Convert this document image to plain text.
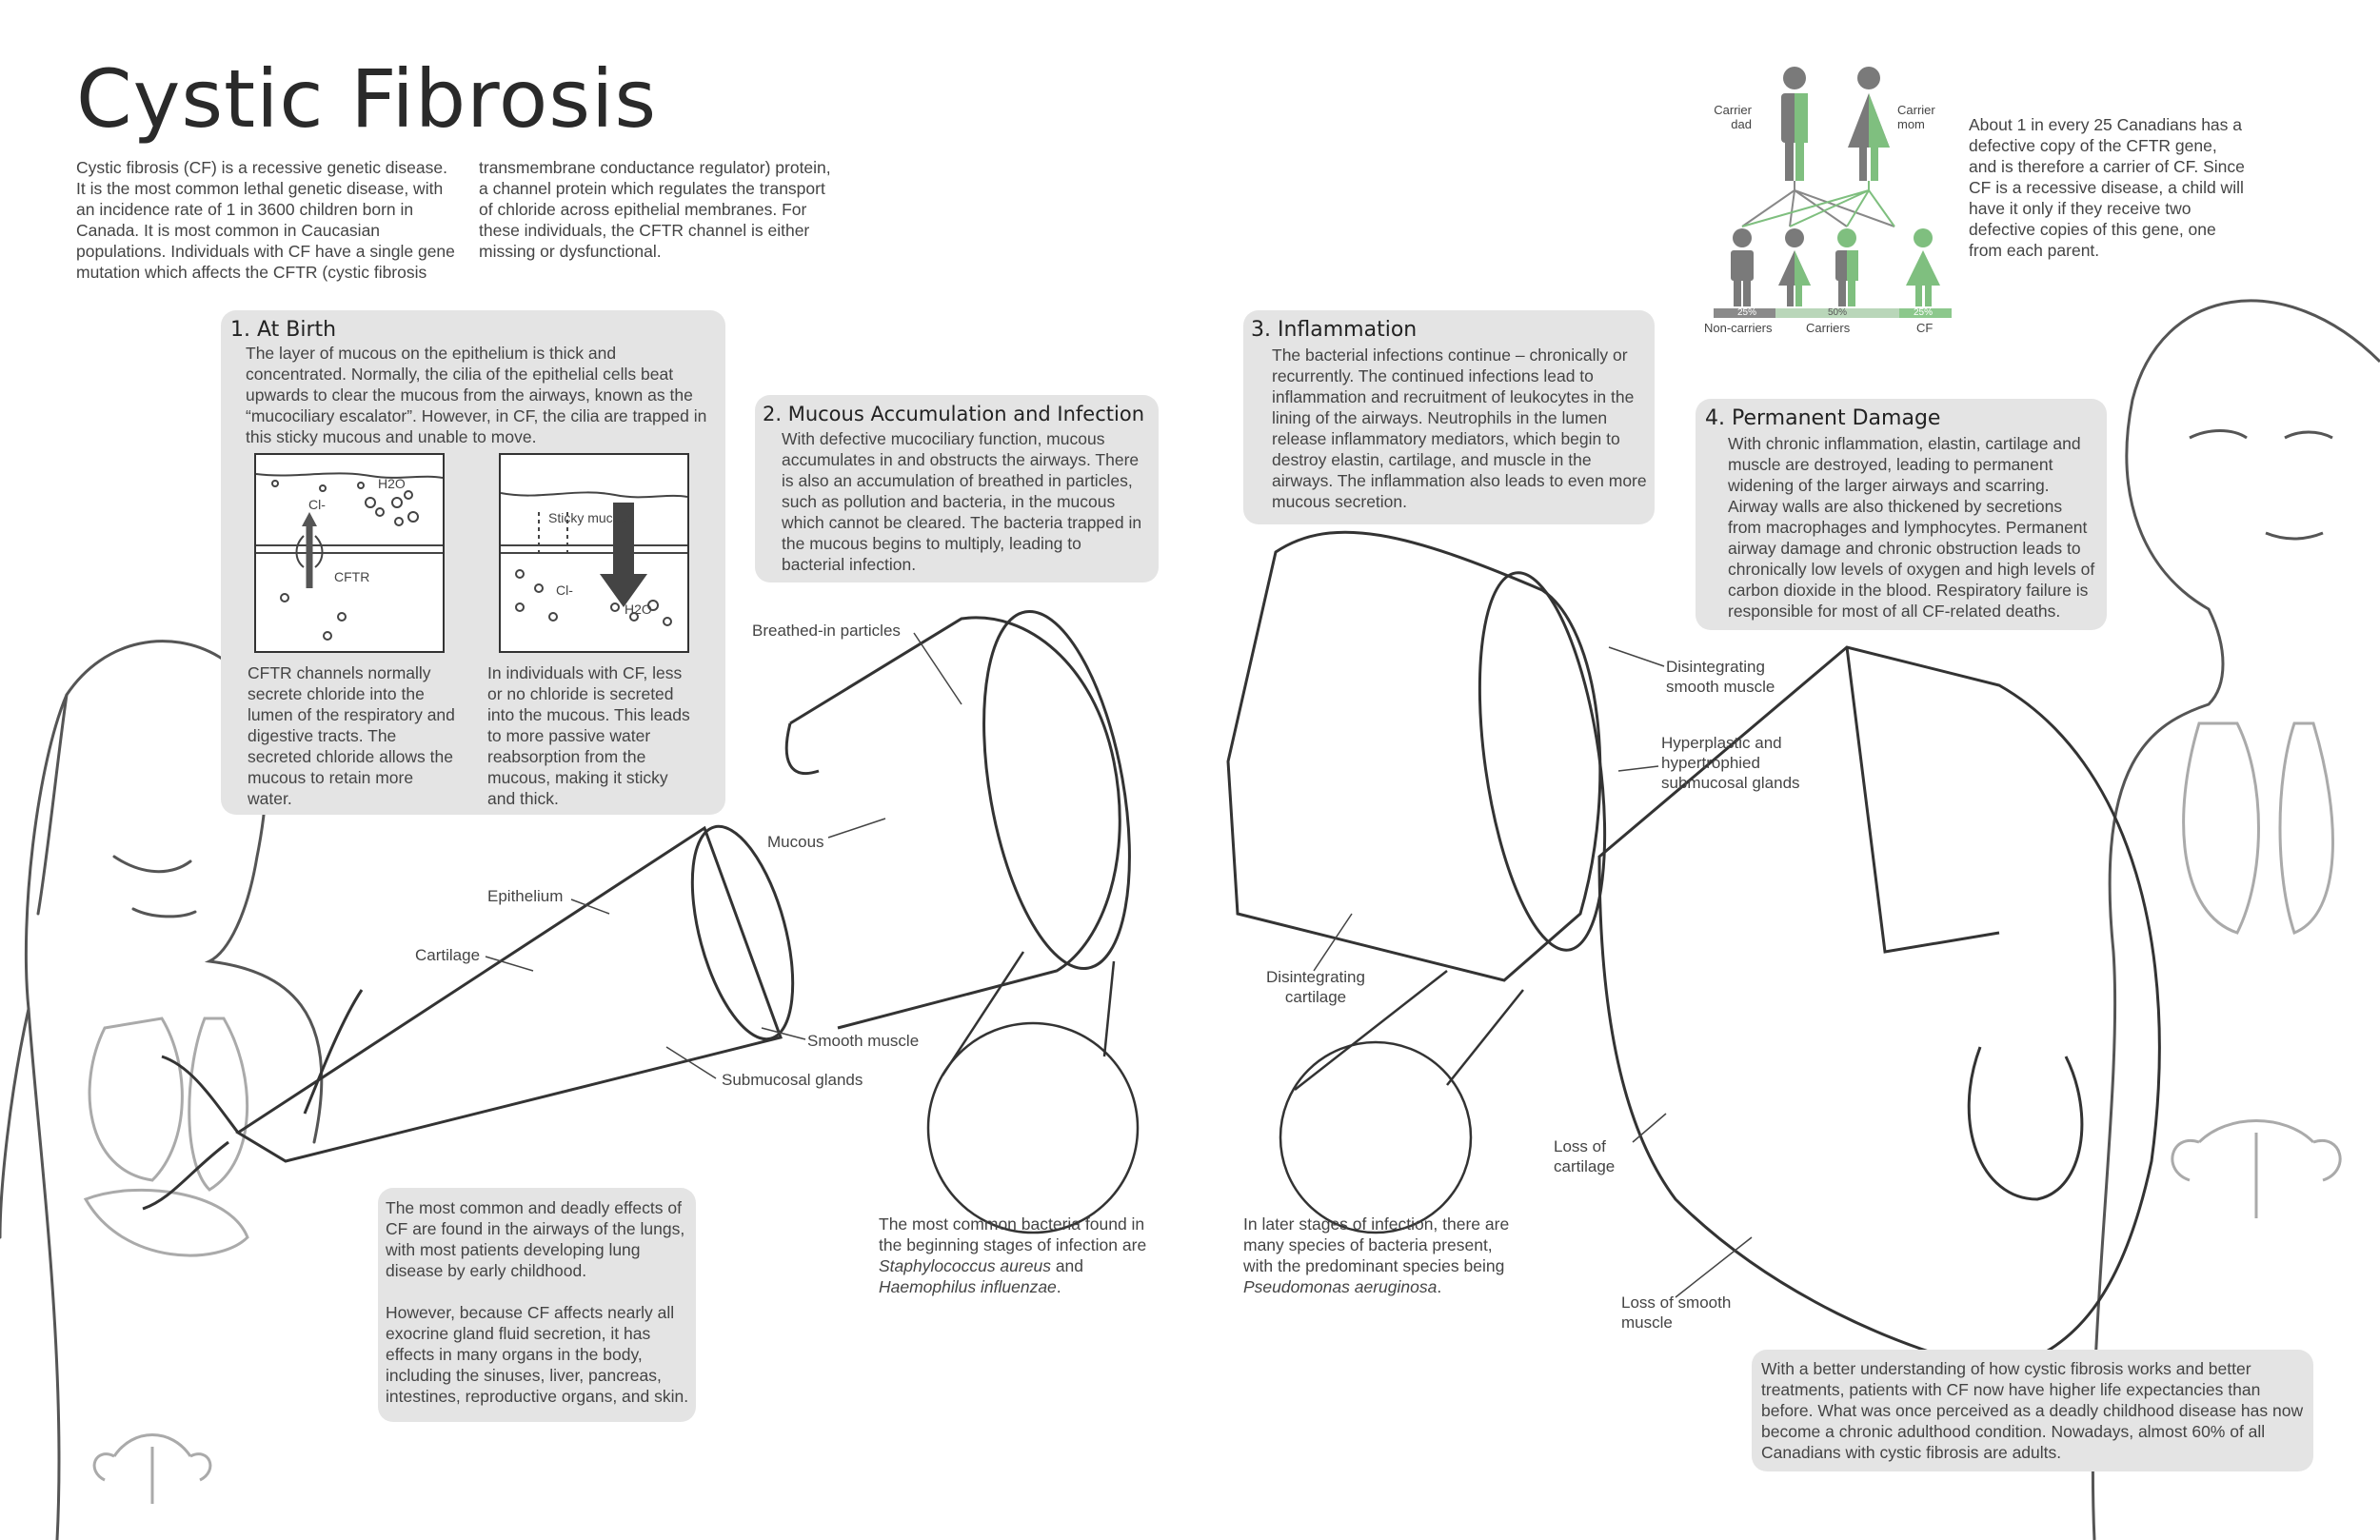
Cystic Fibrosis
Cystic fibrosis (CF) is a recessive genetic disease. It is the most common lethal genetic disease, with an incidence rate of 1 in 3600 children born in Canada. It is most common in Caucasian populations. Individuals with CF have a single gene mutation which affects the CFTR (cystic fibrosis
transmembrane conductance regulator) protein, a channel protein which regulates the transport of chloride across epithelial membranes. For these individuals, the CFTR channel is either missing or dysfunctional.
Carrier dad
Carrier mom
25%	50%	25%
Non-carriers	Carriers	CF
About 1 in every 25 Canadians has a defective copy of the CFTR gene, and is therefore a carrier of CF. Since CF is a recessive disease, a child will have it only if they receive two defective copies of this gene, one from each parent.
1. At Birth

The layer of mucous on the epithelium is thick and concentrated. Normally, the cilia of the epithelial cells beat upwards to clear the mucous from the airways, known as the “mucociliary escalator”. However, in CF, the cilia are trapped in this sticky mucous and unable to move.

H2O
Cl-
CFTR
Sticky mucous
Cl-
H2O

CFTR channels normally secrete chloride into the lumen of the respiratory and digestive tracts. The secreted chloride allows the mucous to retain more water.

In individuals with CF, less or no chloride is secreted into the mucous. This leads to more passive water reabsorption from the mucous, making it sticky and thick.

2. Mucous Accumulation and Infection

With defective mucociliary function, mucous accumulates in and obstructs the airways. There is also an accumulation of breathed in particles, such as pollution and bacteria, in the mucous which cannot be cleared. The bacteria trapped in the mucous begins to multiply, leading to bacterial infection.

3. Inflammation

The bacterial infections continue – chronically or recurrently. The continued infections lead to inflammation and recruitment of leukocytes in the lining of the airways. Neutrophils in the lumen release inflammatory mediators, which begin to destroy elastin, cartilage, and muscle in the airways. The inflammation also leads to even more mucous secretion.

4. Permanent Damage

With chronic inflammation, elastin, cartilage and muscle are destroyed, leading to permanent widening of the larger airways and scarring. Airway walls are also thickened by secretions from macrophages and lymphocytes. Permanent airway damage and chronic obstruction leads to chronically low levels of oxygen and high levels of carbon dioxide in the blood. Respiratory failure is responsible for most of all CF-related deaths.

Breathed-in particles
Mucous
Epithelium
Cartilage
Smooth muscle
Submucosal glands
Disintegrating smooth muscle
Hyperplastic and hypertrophied submucosal glands
Disintegrating cartilage
Loss of cartilage
Loss of smooth muscle
The most common bacteria found in the beginning stages of infection are Staphylococcus aureus and Haemophilus influenzae.
In later stages of infection, there are many species of bacteria present, with the predominant species being Pseudomonas aeruginosa.

The most common and deadly effects of CF are found in the airways of the lungs, with most patients developing lung disease by early childhood.

However, because CF affects nearly all exocrine gland fluid secretion, it has effects in many organs in the body, including the sinuses, liver, pancreas, intestines, reproductive organs, and skin.

With a better understanding of how cystic fibrosis works and better treatments, patients with CF now have higher life expectancies than before. What was once perceived as a deadly childhood disease has now become a chronic adulthood condition. Nowadays, almost 60% of all Canadians with cystic fibrosis are adults.
